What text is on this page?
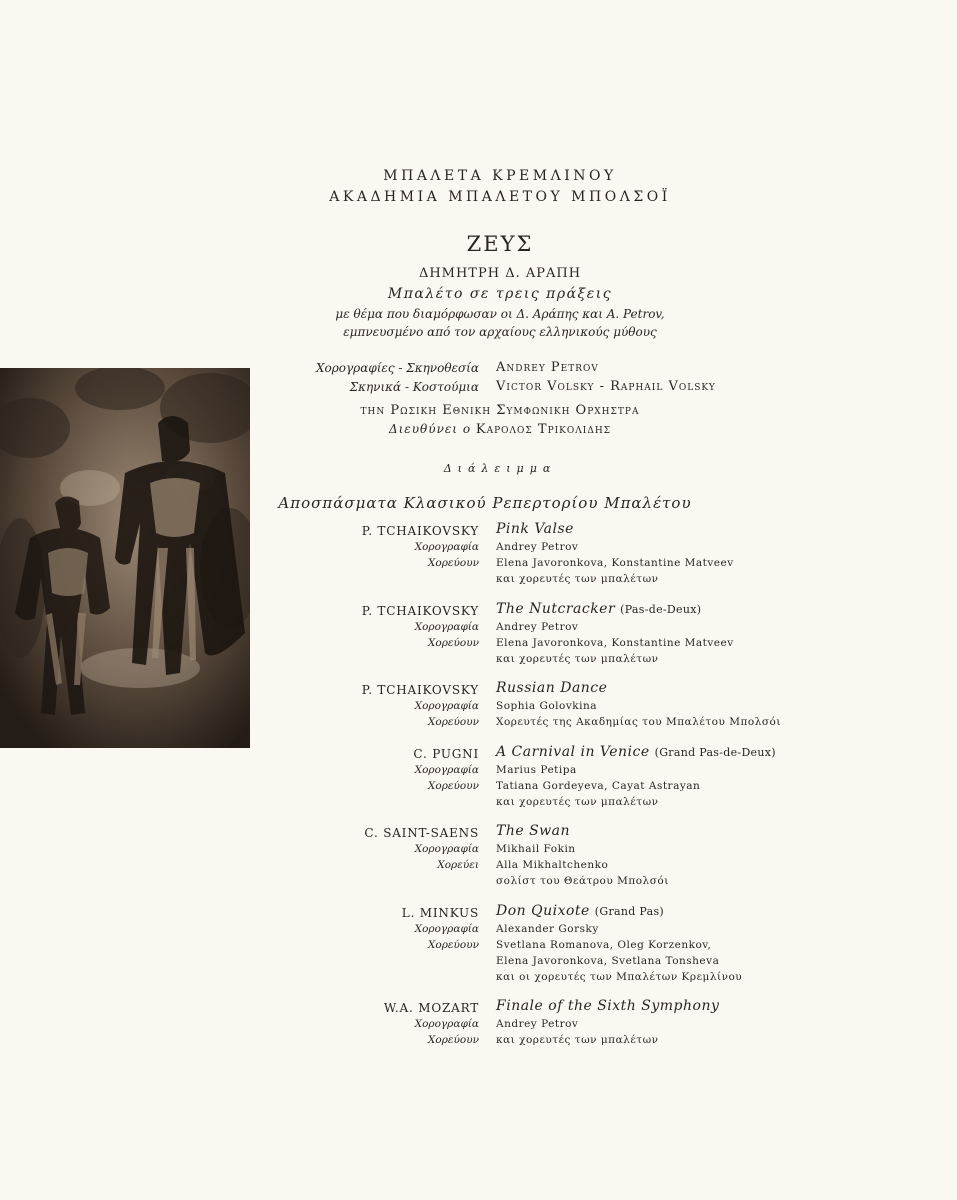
ΜΠΑΛΕΤΑ ΚΡΕΜΛΙΝΟΥ
ΑΚΑΔΗΜΙΑ ΜΠΑΛΕΤΟΥ ΜΠΟΛΣΟΪ
ΖΕΥΣ
ΔΗΜΗΤΡΗ Δ. ΑΡΑΠΗ
Μπαλέτο σε τρεις πράξεις
με θέμα που διαμόρφωσαν οι Δ. Αράπης και Α. Petrov,
εμπνευσμένο από τον αρχαίους ελληνικούς μύθους
Χορογραφίες - Σκηνοθεσία Andrey Petrov
Σκηνικά - Κοστούμια Victor Volsky - Raphail Volsky
την Ρωσικη Εθνικη Συμφωνικη Ορχηστρα
Διευθύνει ο Καρολος Τρικολιδης
Διάλειμμα
Αποσπάσματα Κλασικού Ρεπερτορίου Μπαλέτου
P. TCHAIKOVSKY Pink Valse
Χορογραφία Andrey Petrov
Χορεύουν Elena Javoronkova, Konstantine Matveev
και χορευτές των μπαλέτων
P. TCHAIKOVSKY The Nutcracker (Pas-de-Deux)
Χορογραφία Andrey Petrov
Χορεύουν Elena Javoronkova, Konstantine Matveev
και χορευτές των μπαλέτων
P. TCHAIKOVSKY Russian Dance
Χορογραφία Sophia Golovkina
Χορεύουν Χορευτές της Ακαδημίας του Μπαλέτου Μπολσόι
C. PUGNI A Carnival in Venice (Grand Pas-de-Deux)
Χορογραφία Marius Petipa
Χορεύουν Tatiana Gordeyeva, Cayat Astrayan
και χορευτές των μπαλέτων
C. SAINT-SAENS The Swan
Χορογραφία Mikhail Fokin
Χορεύει Alla Mikhaltchenko
σολίστ του Θεάτρου Μπολσόι
L. MINKUS Don Quixote (Grand Pas)
Χορογραφία Alexander Gorsky
Χορεύουν Svetlana Romanova, Oleg Korzenkov,
Elena Javoronkova, Svetlana Tonsheva
και οι χορευτές των Μπαλέτων Κρεμλίνου
W.A. MOZART Finale of the Sixth Symphony
Χορογραφία Andrey Petrov
Χορεύουν και χορευτές των μπαλέτων
